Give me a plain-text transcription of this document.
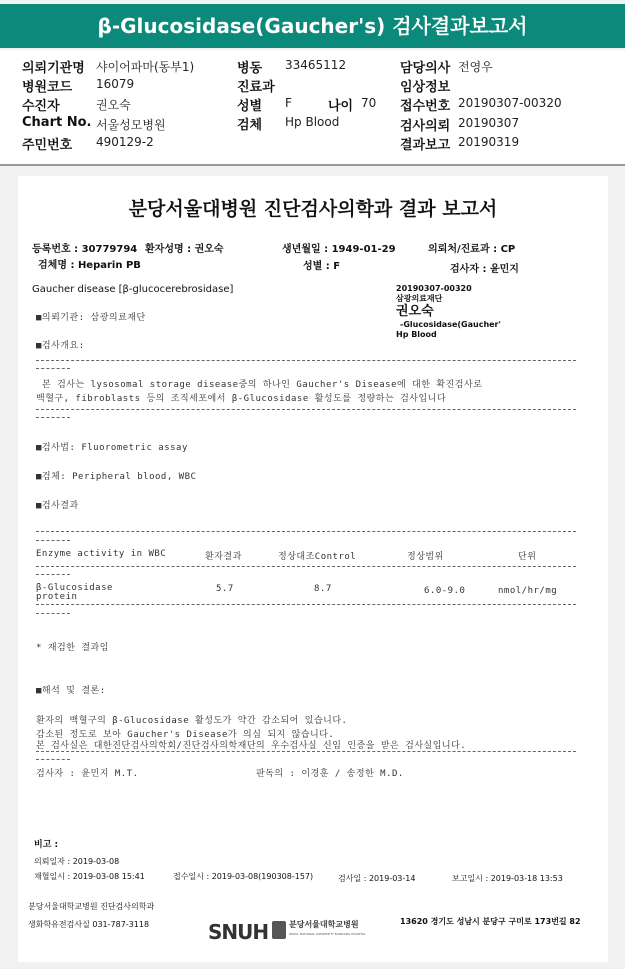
β-Glucosidase(Gaucher's) 검사결과보고서
의뢰기관명 샤이어파마(동부1)
병원코드 16079
수진자	권오숙
Chart No. 서울성모병원
주민번호 490129-2
병동 33465112
진료과
성별 F	나이 70
검체 Hp Blood
담당의사 전영우
임상정보
접수번호 20190307-00320
검사의뢰 20190307
결과보고 20190319
분당서울대병원 진단검사의학과 결과 보고서
등록번호 : 30779794 환자성명 : 권오숙	생년월일 : 1949-01-29	의뢰처/진료과 : CP
검체명 : Heparin PB	성별 : F	검사자 : 윤민지
Gaucher disease [β-glucocerebrosidase]	20190307-00320
삼광의료재단
권오숙
-Glucosidase(Gaucher'
Hp Blood
■의뢰기관: 삼광의료재단
■검사개요:
본 검사는 lysosomal storage disease중의 하나인 Gaucher's Disease에 대한 확진검사로
백혈구, fibroblasts 등의 조직세포에서 β-Glucosidase 활성도를 정량하는 검사입니다
■검사법: Fluorometric assay
■검체: Peripheral blood, WBC
■검사결과
Enzyme activity in WBC	환자결과	정상대조Control	정상범위	단위
β-Glucosidase
protein
5.7	8.7	6.0-9.0	nmol/hr/mg
* 재검한 결과임
■해석 및 결론:
환자의 백혈구의 β-Glucosidase 활성도가 약간 감소되어 있습니다.
감소된 정도로 보아 Gaucher's Disease가 의심 되지 않습니다.
본 검사실은 대한진단검사의학회/진단검사의학재단의 우수검사실 신임 인증을 받은 검사실입니다.
검사자 : 윤민지 M.T.	판독의 : 이경훈 / 송정한 M.D.
비고 :
의뢰일자 : 2019-03-08
채혈일시 : 2019-03-08 15:41	접수일시 : 2019-03-08(190308-157)	검사일 : 2019-03-14	보고일시 : 2019-03-18 13:53
분당서울대학교병원 진단검사의학과
생화학유전검사실 031-787-3118	SNUH	분당서울대학교병원
SEOUL NATIONAL UNIVERSITY BUNDANG HOSPITAL
13620 경기도 성남시 분당구 구미로 173번길 82
